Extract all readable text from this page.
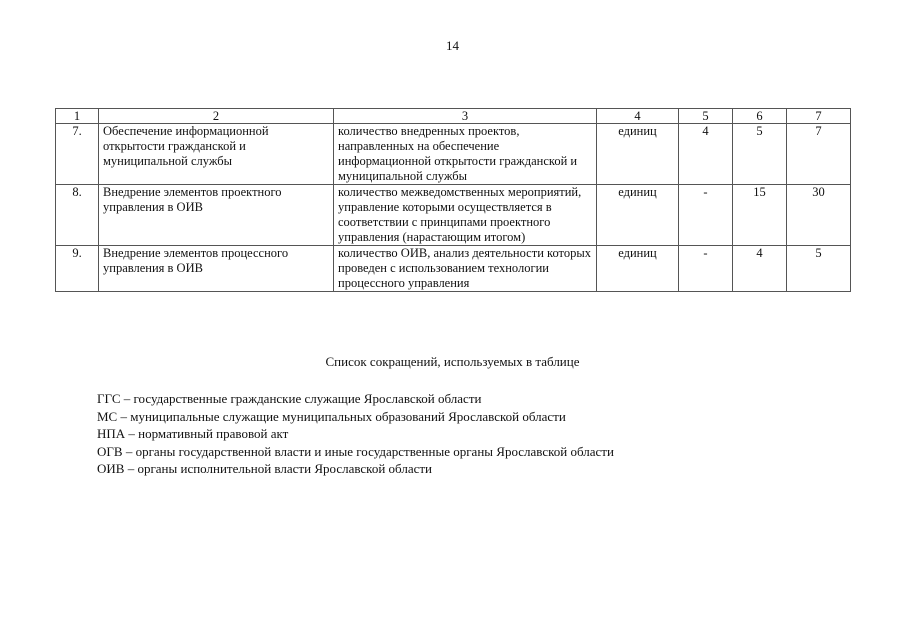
14
1	2	3	4	5	6	7
7.	Обеспечение информационной открытости гражданской и муниципальной службы	количество внедренных проектов, направленных на обеспечение информационной открытости гражданской и муниципальной службы	единиц	4	5	7
8.	Внедрение элементов проектного управления в ОИВ	количество межведомственных мероприятий, управление которыми осуществляется в соответствии с принципами проектного управления (нарастающим итогом)	единиц	-	15	30
9.	Внедрение элементов процессного управления в ОИВ	количество ОИВ, анализ деятельности которых проведен с использованием технологии процессного управления	единиц	-	4	5
Список сокращений, используемых в таблице
ГГС – государственные гражданские служащие Ярославской области
МС – муниципальные служащие муниципальных образований Ярославской области
НПА – нормативный правовой акт
ОГВ – органы государственной власти и иные государственные органы Ярославской области
ОИВ – органы исполнительной власти Ярославской области
